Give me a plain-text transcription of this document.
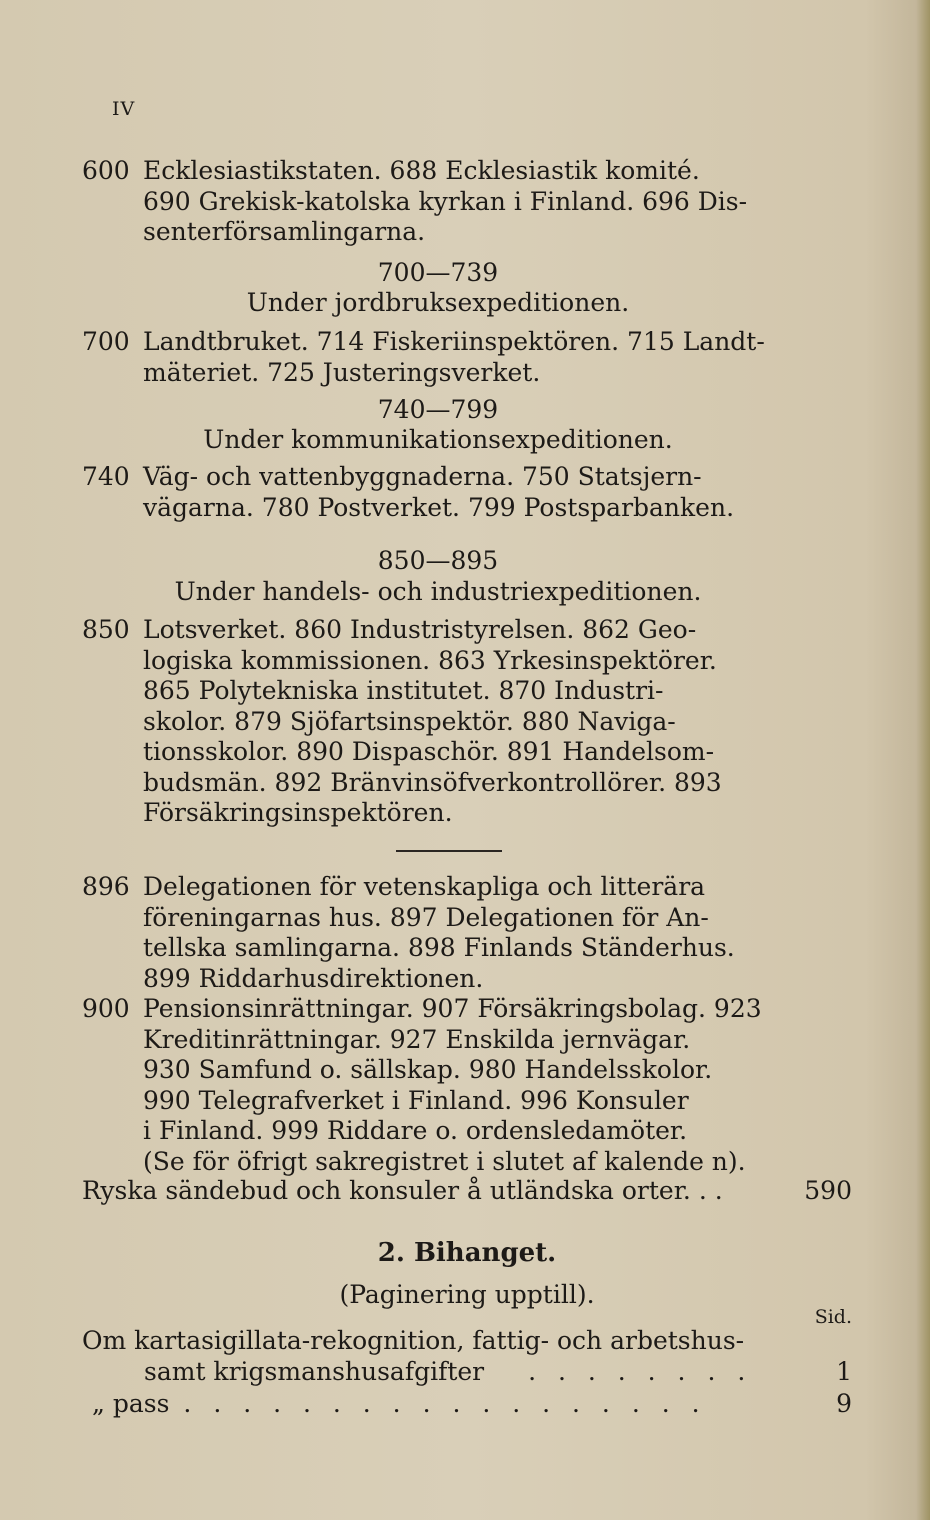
IV
600 Ecklesiastikstaten. 688 Ecklesiastik komité.
690 Grekisk-katolska kyrkan i Finland. 696 Dis-
senterförsamlingarna.
700—739
Under jordbruksexpeditionen.
700 Landtbruket. 714 Fiskeriinspektören. 715 Landt-
mäteriet. 725 Justeringsverket.
740—799
Under kommunikationsexpeditionen.
740 Väg- och vattenbyggnaderna. 750 Statsjern-
vägarna. 780 Postverket. 799 Postsparbanken.
850—895
Under handels- och industriexpeditionen.
850 Lotsverket. 860 Industristyrelsen. 862 Geo-
logiska kommissionen. 863 Yrkesinspektörer.
865 Polytekniska institutet. 870 Industri-
skolor. 879 Sjöfartsinspektör. 880 Naviga-
tionsskolor. 890 Dispaschör. 891 Handelsom-
budsmän. 892 Bränvinsöfverkontrollörer. 893
Försäkringsinspektören.
896 Delegationen för vetenskapliga och litterära
föreningarnas hus. 897 Delegationen för An-
tellska samlingarna. 898 Finlands Ständerhus.
899 Riddarhusdirektionen.
900 Pensionsinrättningar. 907 Försäkringsbolag. 923
Kreditinrättningar. 927 Enskilda jernvägar.
930 Samfund o. sällskap. 980 Handelsskolor.
990 Telegrafverket i Finland. 996 Konsuler
i Finland. 999 Riddare o. ordensledamöter.
(Se för öfrigt sakregistret i slutet af kalende n).
Ryska sändebud och konsuler å utländska orter. . .	590
2. Bihanget.
(Paginering upptill).
Sid.
Om kartasigillata-rekognition, fattig- och arbetshus-
samt krigsmanshusafgifter . . . . . . . .	1
„ pass . . . . . . . . . . . . . . . . . .	9
